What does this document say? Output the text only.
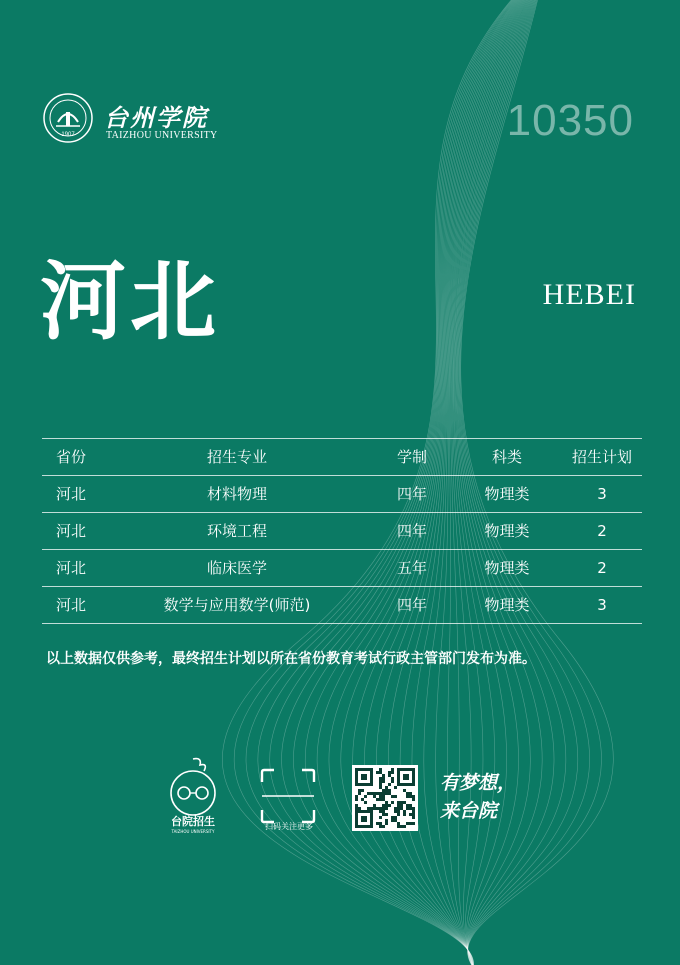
1907
台州学院
TAIZHOU UNIVERSITY	10350
河北	HEBEI
省份	招生专业	学制	科类	招生计划
河北	材料物理	四年	物理类	3
河北	环境工程	四年	物理类	2
河北	临床医学	五年	物理类	2
河北	数学与应用数学(师范)	四年	物理类	3
以上数据仅供参考，最终招生计划以所在省份教育考试行政主管部门发布为准。
台院招生
TAIZHOU UNIVERSITY
扫码关注更多
有梦想，
来台院
